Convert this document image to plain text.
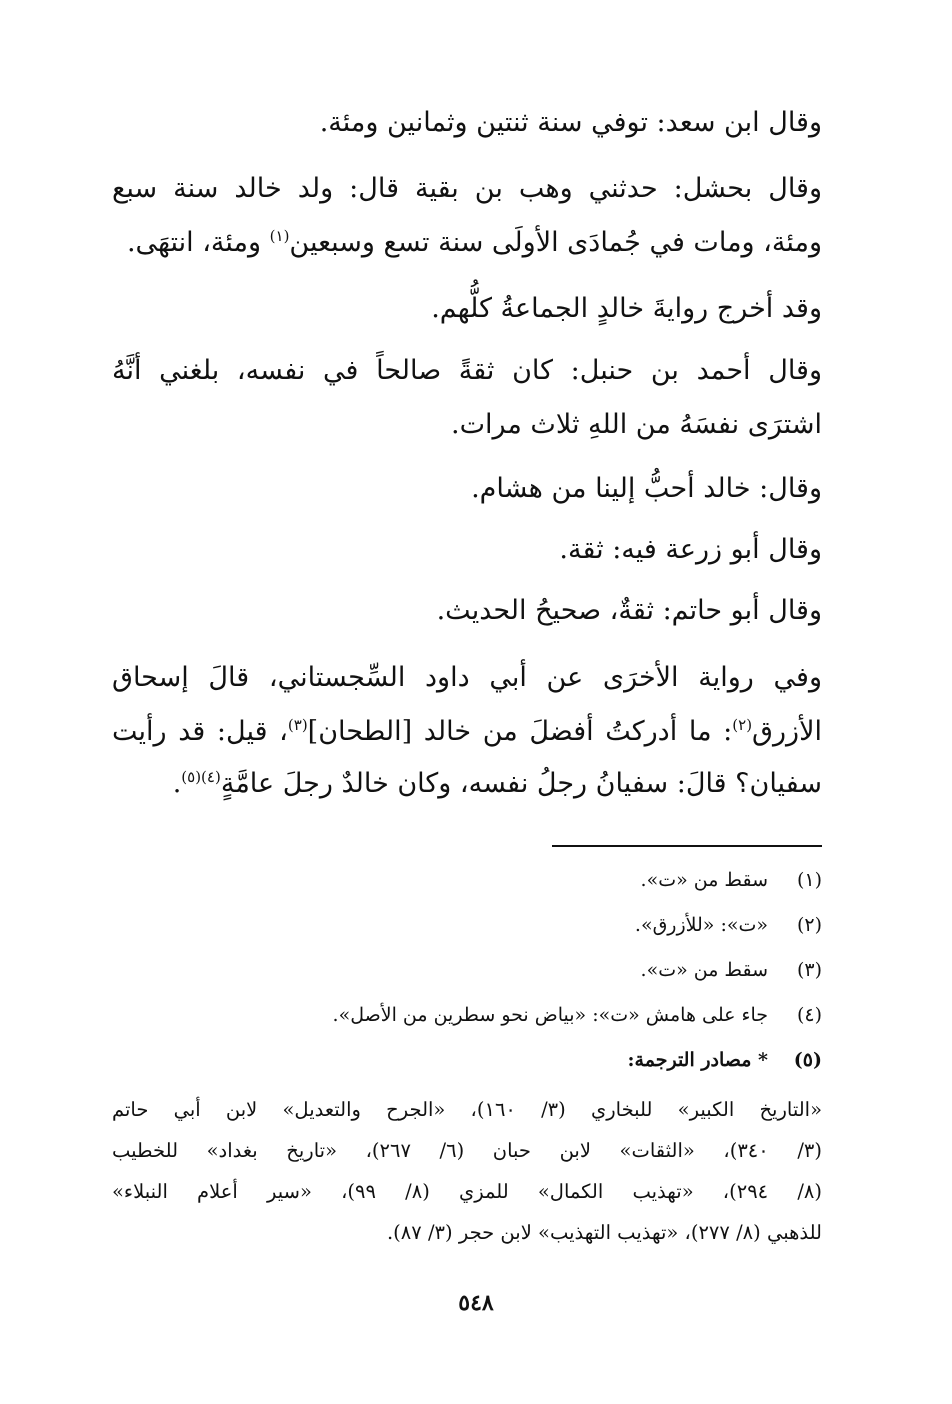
وقال ابن سعد: توفي سنة ثنتين وثمانين ومئة.
وقال بحشل: حدثني وهب بن بقية قال: ولد خالد سنة سبع
ومئة، ومات في جُمادَى الأولَى سنة تسع وسبعين$^{(١)}$ ومئة، انتهَى.
وقد أخرج روايةَ خالدٍ الجماعةُ كلُّهم.
وقال أحمد بن حنبل: كان ثقةً صالحاً في نفسه، بلغني أنَّهُ
اشترَى نفسَهُ من اللهِ ثلاث مرات.
وقال: خالد أحبُّ إلينا من هشام.
وقال أبو زرعة فيه: ثقة.
وقال أبو حاتم: ثقةٌ، صحيحُ الحديث.
وفي رواية الأخرَى عن أبي داود السِّجستاني، قالَ إسحاق
الأزرق$^{(٢)}$: ما أدركتُ أفضلَ من خالد [الطحان]$^{(٣)}$، قيل: قد رأيت
سفيان؟ قالَ: سفيانُ رجلُ نفسه، وكان خالدٌ رجلَ عامَّةٍ$^{(٤)(٥)}$.
(١)سقط من «ت».
(٢)«ت»: «للأزرق».
(٣)سقط من «ت».
(٤)جاء على هامش «ت»: «بياض نحو سطرين من الأصل».
(٥)* مصادر الترجمة:
«التاريخ الكبير» للبخاري (٣/ ١٦٠)، «الجرح والتعديل» لابن أبي حاتم
(٣/ ٣٤٠)، «الثقات» لابن حبان (٦/ ٢٦٧)، «تاريخ بغداد» للخطيب
(٨/ ٢٩٤)، «تهذيب الكمال» للمزي (٨/ ٩٩)، «سير أعلام النبلاء»
للذهبي (٨/ ٢٧٧)، «تهذيب التهذيب» لابن حجر (٣/ ٨٧).
٥٤٨
